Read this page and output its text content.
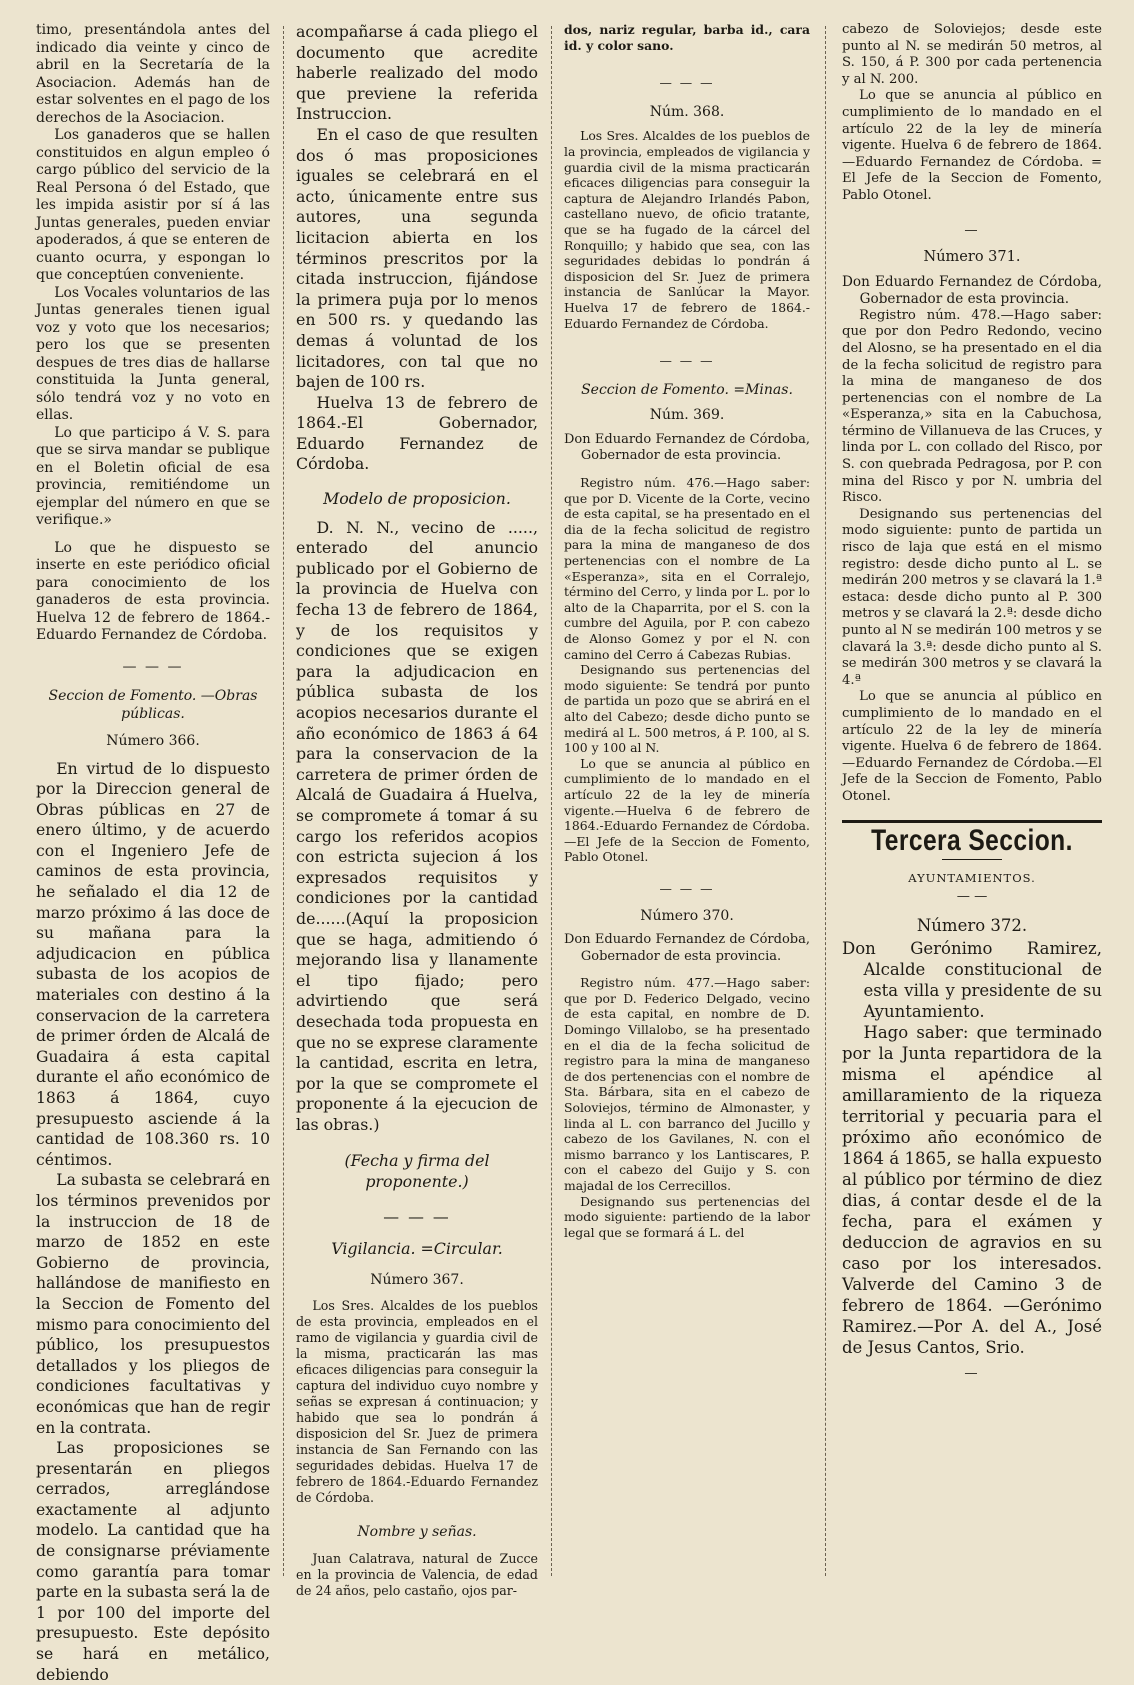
timo, presentándola antes del indicado dia veinte y cinco de abril en la Secretaría de la Asociacion. Además han de estar solventes en el pago de los derechos de la Asociacion.

Los ganaderos que se hallen constituidos en algun empleo ó cargo público del servicio de la Real Persona ó del Estado, que les impida asistir por sí á las Juntas generales, pueden enviar apoderados, á que se enteren de cuanto ocurra, y espongan lo que conceptúen conveniente.

Los Vocales voluntarios de las Juntas generales tienen igual voz y voto que los necesarios; pero los que se presenten despues de tres dias de hallarse constituida la Junta general, sólo tendrá voz y no voto en ellas.

Lo que participo á V. S. para que se sirva mandar se publique en el Boletin oficial de esa provincia, remitiéndome un ejemplar del número en que se verifique.»

Lo que he dispuesto se inserte en este periódico oficial para conocimiento de los ganaderos de esta provincia. Huelva 12 de febrero de 1864.-Eduardo Fernandez de Córdoba.

— — —

Seccion de Fomento. —Obras públicas.

Número 366.

En virtud de lo dispuesto por la Direccion general de Obras públicas en 27 de enero último, y de acuerdo con el Ingeniero Jefe de caminos de esta provincia, he señalado el dia 12 de marzo próximo á las doce de su mañana para la adjudicacion en pública subasta de los acopios de materiales con destino á la conservacion de la carretera de primer órden de Alcalá de Guadaira á esta capital durante el año económico de 1863 á 1864, cuyo presupuesto asciende á la cantidad de 108.360 rs. 10 céntimos.

La subasta se celebrará en los términos prevenidos por la instruccion de 18 de marzo de 1852 en este Gobierno de provincia, hallándose de manifiesto en la Seccion de Fomento del mismo para conocimiento del público, los presupuestos detallados y los pliegos de condiciones facultativas y económicas que han de regir en la contrata.

Las proposiciones se presentarán en pliegos cerrados, arreglándose exactamente al adjunto modelo. La cantidad que ha de consignarse préviamente como garantía para tomar parte en la subasta será la de 1 por 100 del importe del presupuesto. Este depósito se hará en metálico, debiendo

acompañarse á cada pliego el documento que acredite haberle realizado del modo que previene la referida Instruccion.

En el caso de que resulten dos ó mas proposiciones iguales se celebrará en el acto, únicamente entre sus autores, una segunda licitacion abierta en los términos prescritos por la citada instruccion, fijándose la primera puja por lo menos en 500 rs. y quedando las demas á voluntad de los licitadores, con tal que no bajen de 100 rs.

Huelva 13 de febrero de 1864.-El Gobernador, Eduardo Fernandez de Córdoba.

Modelo de proposicion.

D. N. N., vecino de ....., enterado del anuncio publicado por el Gobierno de la provincia de Huelva con fecha 13 de febrero de 1864, y de los requisitos y condiciones que se exigen para la adjudicacion en pública subasta de los acopios necesarios durante el año económico de 1863 á 64 para la conservacion de la carretera de primer órden de Alcalá de Guadaira á Huelva, se compromete á tomar á su cargo los referidos acopios con estricta sujecion á los expresados requisitos y condiciones por la cantidad de......(Aquí la proposicion que se haga, admitiendo ó mejorando lisa y llanamente el tipo fijado; pero advirtiendo que será desechada toda propuesta en que no se exprese claramente la cantidad, escrita en letra, por la que se compromete el proponente á la ejecucion de las obras.)

(Fecha y firma del proponente.)

— — —

Vigilancia. =Circular.

Número 367.

Los Sres. Alcaldes de los pueblos de esta provincia, empleados en el ramo de vigilancia y guardia civil de la misma, practicarán las mas eficaces diligencias para conseguir la captura del individuo cuyo nombre y señas se expresan á continuacion; y habido que sea lo pondrán á disposicion del Sr. Juez de primera instancia de San Fernando con las seguridades debidas. Huelva 17 de febrero de 1864.-Eduardo Fernandez de Córdoba.

Nombre y señas.

Juan Calatrava, natural de Zucce en la provincia de Valencia, de edad de 24 años, pelo castaño, ojos par-

dos, nariz regular, barba id., cara id. y color sano.

— — —

Núm. 368.

Los Sres. Alcaldes de los pueblos de la provincia, empleados de vigilancia y guardia civil de la misma practicarán eficaces diligencias para conseguir la captura de Alejandro Irlandés Pabon, castellano nuevo, de oficio tratante, que se ha fugado de la cárcel del Ronquillo; y habido que sea, con las seguridades debidas lo pondrán á disposicion del Sr. Juez de primera instancia de Sanlúcar la Mayor. Huelva 17 de febrero de 1864.-Eduardo Fernandez de Córdoba.

— — —

Seccion de Fomento. =Minas.

Núm. 369.

Don Eduardo Fernandez de Córdoba, Gobernador de esta provincia.

Registro núm. 476.—Hago saber: que por D. Vicente de la Corte, vecino de esta capital, se ha presentado en el dia de la fecha solicitud de registro para la mina de manganeso de dos pertenencias con el nombre de La «Esperanza», sita en el Corralejo, término del Cerro, y linda por L. por lo alto de la Chaparrita, por el S. con la cumbre del Aguila, por P. con cabezo de Alonso Gomez y por el N. con camino del Cerro á Cabezas Rubias.

Designando sus pertenencias del modo siguiente: Se tendrá por punto de partida un pozo que se abrirá en el alto del Cabezo; desde dicho punto se medirá al L. 500 metros, á P. 100, al S. 100 y 100 al N.

Lo que se anuncia al público en cumplimiento de lo mandado en el artículo 22 de la ley de minería vigente.—Huelva 6 de febrero de 1864.-Eduardo Fernandez de Córdoba.—El Jefe de la Seccion de Fomento, Pablo Otonel.

— — —

Número 370.

Don Eduardo Fernandez de Córdoba, Gobernador de esta provincia.

Registro núm. 477.—Hago saber: que por D. Federico Delgado, vecino de esta capital, en nombre de D. Domingo Villalobo, se ha presentado en el dia de la fecha solicitud de registro para la mina de manganeso de dos pertenencias con el nombre de Sta. Bárbara, sita en el cabezo de Soloviejos, término de Almonaster, y linda al L. con barranco del Jucillo y cabezo de los Gavilanes, N. con el mismo barranco y los Lantiscares, P. con el cabezo del Guijo y S. con majadal de los Cerrecillos.

Designando sus pertenencias del modo siguiente: partiendo de la labor legal que se formará á L. del

cabezo de Soloviejos; desde este punto al N. se medirán 50 metros, al S. 150, á P. 300 por cada pertenencia y al N. 200.

Lo que se anuncia al público en cumplimiento de lo mandado en el artículo 22 de la ley de minería vigente. Huelva 6 de febrero de 1864.—Eduardo Fernandez de Córdoba. = El Jefe de la Seccion de Fomento, Pablo Otonel.

—

Número 371.

Don Eduardo Fernandez de Córdoba, Gobernador de esta provincia.

Registro núm. 478.—Hago saber: que por don Pedro Redondo, vecino del Alosno, se ha presentado en el dia de la fecha solicitud de registro para la mina de manganeso de dos pertenencias con el nombre de La «Esperanza,» sita en la Cabuchosa, término de Villanueva de las Cruces, y linda por L. con collado del Risco, por S. con quebrada Pedragosa, por P. con mina del Risco y por N. umbria del Risco.

Designando sus pertenencias del modo siguiente: punto de partida un risco de laja que está en el mismo registro: desde dicho punto al L. se medirán 200 metros y se clavará la 1.ª estaca: desde dicho punto al P. 300 metros y se clavará la 2.ª: desde dicho punto al N se medirán 100 metros y se clavará la 3.ª: desde dicho punto al S. se medirán 300 metros y se clavará la 4.ª

Lo que se anuncia al público en cumplimiento de lo mandado en el artículo 22 de la ley de minería vigente. Huelva 6 de febrero de 1864.—Eduardo Fernandez de Córdoba.—El Jefe de la Seccion de Fomento, Pablo Otonel.

Tercera Seccion.

AYUNTAMIENTOS.

— —

Número 372.

Don Gerónimo Ramirez, Alcalde constitucional de esta villa y presidente de su Ayuntamiento.

Hago saber: que terminado por la Junta repartidora de la misma el apéndice al amillaramiento de la riqueza territorial y pecuaria para el próximo año económico de 1864 á 1865, se halla expuesto al público por término de diez dias, á contar desde el de la fecha, para el exámen y deduccion de agravios en su caso por los interesados. Valverde del Camino 3 de febrero de 1864. —Gerónimo Ramirez.—Por A. del A., José de Jesus Cantos, Srio.

—
